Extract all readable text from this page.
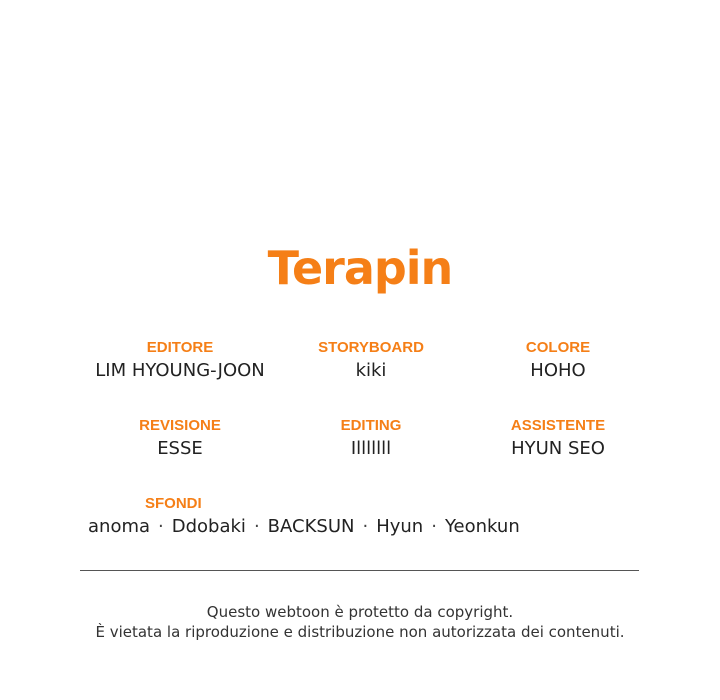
Terapin
EDITORE
LIM HYOUNG-JOON
STORYBOARD
kiki
COLORE
HOHO
REVISIONE
ESSE
EDITING
Illlllll
ASSISTENTE
HYUN SEO
SFONDI
anoma · Ddobaki · BACKSUN · Hyun · Yeonkun
Questo webtoon è protetto da copyright.
È vietata la riproduzione e distribuzione non autorizzata dei contenuti.
